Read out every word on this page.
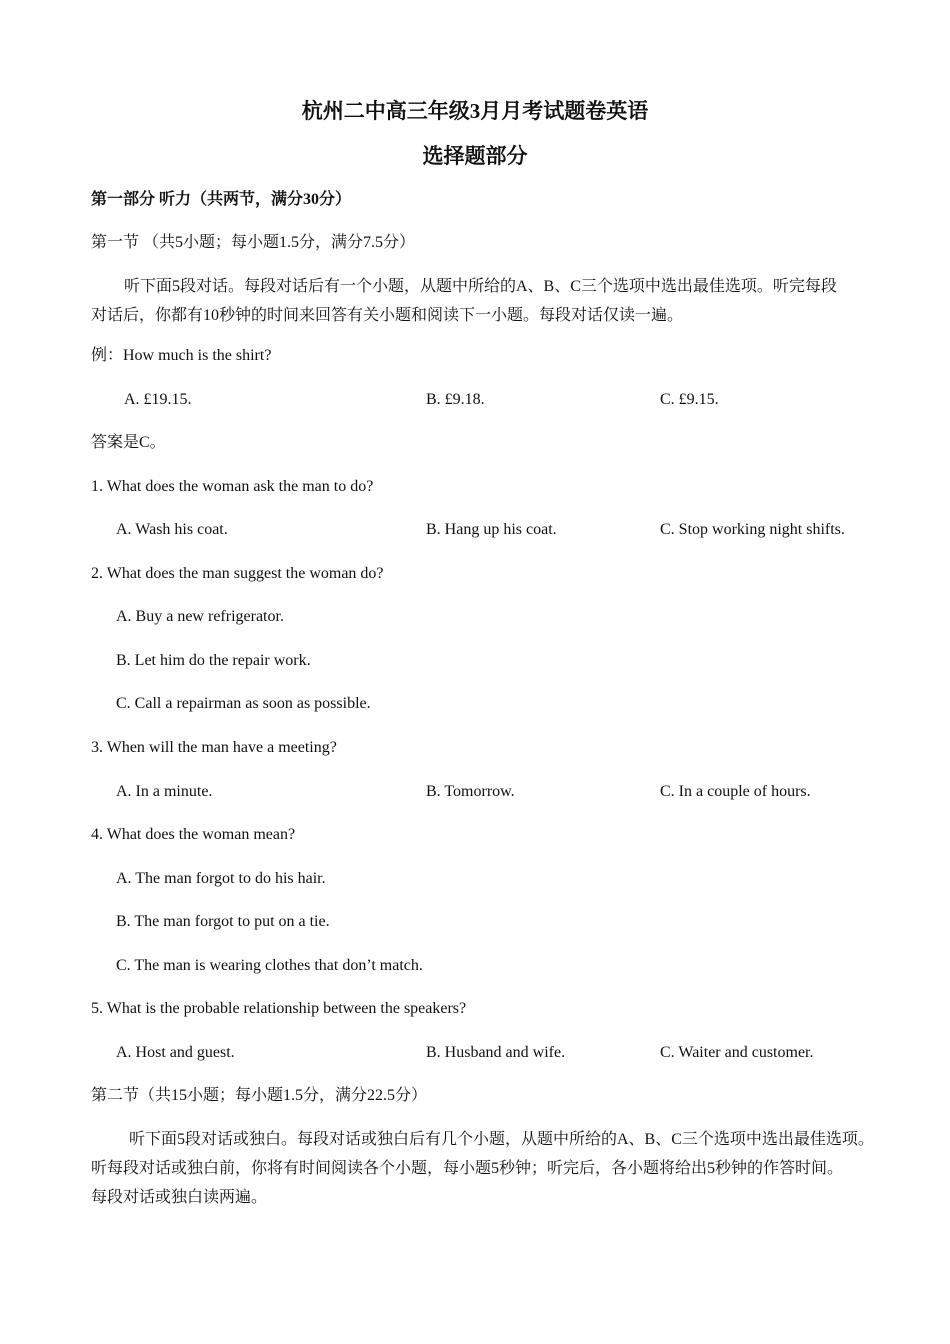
杭州二中高三年级3月月考试题卷英语
选择题部分
第一部分 听力（共两节，满分30分）
第一节 （共5小题；每小题1.5分，满分7.5分）
听下面5段对话。每段对话后有一个小题，从题中所给的A、B、C三个选项中选出最佳选项。听完每段
对话后，你都有10秒钟的时间来回答有关小题和阅读下一小题。每段对话仅读一遍。
例：How much is the shirt?
A. £19.15.	B. £9.18.	C. £9.15.
答案是C。
1. What does the woman ask the man to do?
A. Wash his coat.	B. Hang up his coat.	C. Stop working night shifts.
2. What does the man suggest the woman do?
A. Buy a new refrigerator.
B. Let him do the repair work.
C. Call a repairman as soon as possible.
3. When will the man have a meeting?
A. In a minute.	B. Tomorrow.	C. In a couple of hours.
4. What does the woman mean?
A. The man forgot to do his hair.
B. The man forgot to put on a tie.
C. The man is wearing clothes that don’t match.
5. What is the probable relationship between the speakers?
A. Host and guest.	B. Husband and wife.	C. Waiter and customer.
第二节（共15小题；每小题1.5分，满分22.5分）
听下面5段对话或独白。每段对话或独白后有几个小题，从题中所给的A、B、C三个选项中选出最佳选项。
听每段对话或独白前，你将有时间阅读各个小题，每小题5秒钟；听完后，各小题将给出5秒钟的作答时间。
每段对话或独白读两遍。
